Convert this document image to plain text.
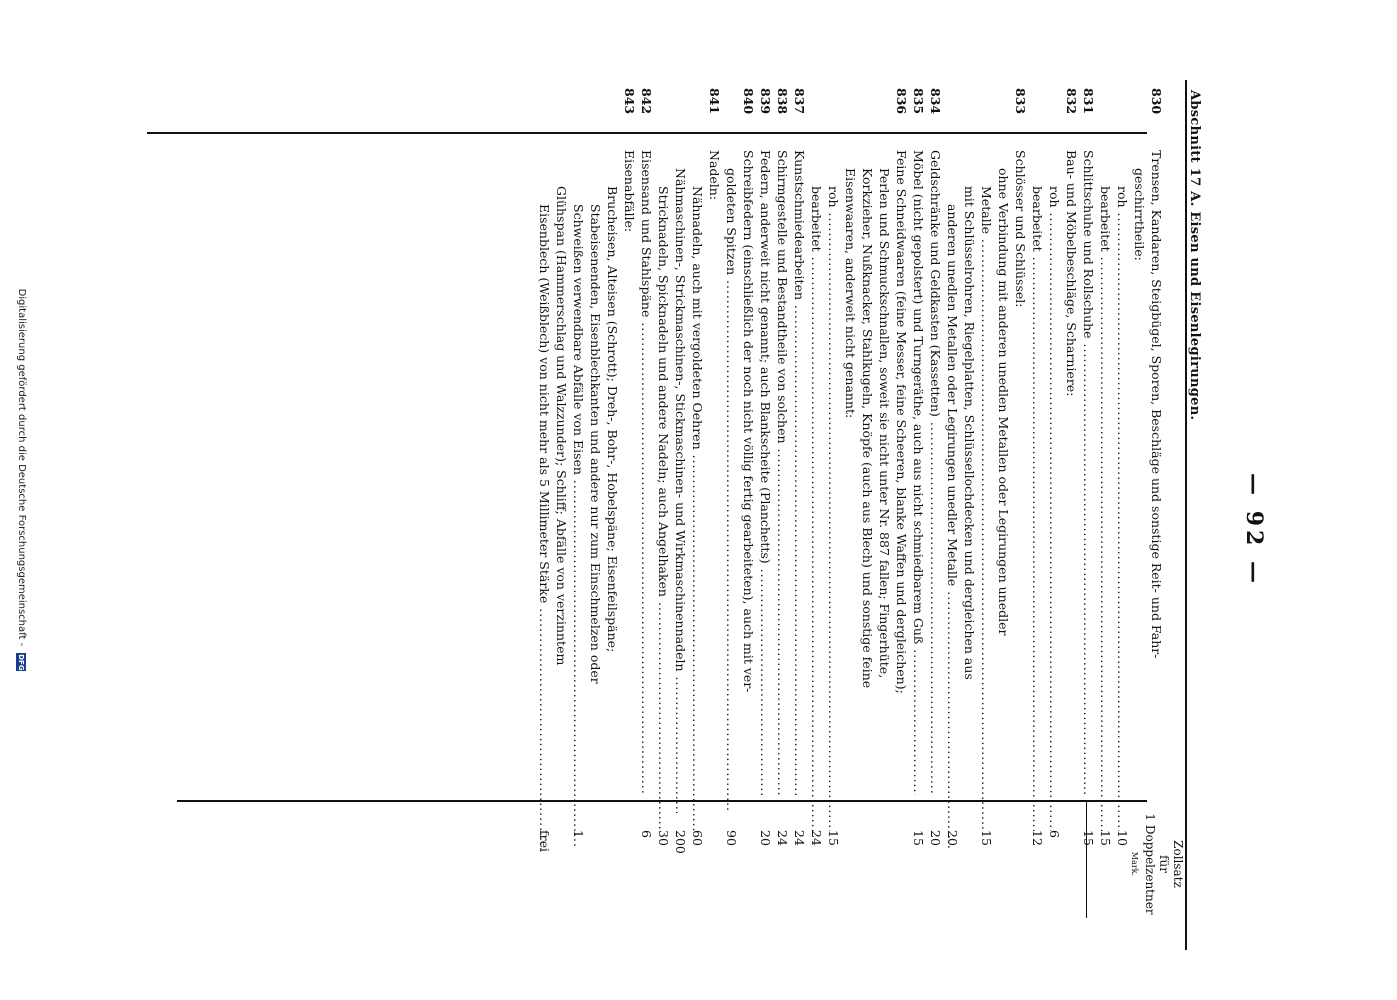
— 92 —
Abschnitt 17 A. Eisen und Eisenlegirungen.
Zollsatz
für
1 Doppelzentner
Mark.
830
Trensen, Kandaren, Steigbügel, Sporen, Beschläge und sonstige Reit- und Fahr-
geschirrtheile:
roh .....
10
bearbeitet .....
15
831
Schlittschuhe und Rollschuhe .....
15
832
Bau- und Möbelbeschläge, Scharniere:
roh .....
6
bearbeitet .....
12
833
Schlösser und Schlüssel:
ohne Verbindung mit anderen unedlen Metallen oder Legirungen unedler
Metalle .....
15
mit Schlüsselrohren, Riegelplatten, Schlüssellochdecken und dergleichen aus
anderen unedlen Metallen oder Legirungen unedler Metalle .....
20
834
Geldschränke und Geldkasten (Kassetten) .....
20
835
Möbel (nicht gepolstert) und Turngeräthe, auch aus nicht schmiedbarem Guß .....
15
836
Feine Schneidwaaren (feine Messer, feine Scheeren, blanke Waffen und dergleichen);
Perlen und Schmuckschnallen, soweit sie nicht unter Nr. 887 fallen; Fingerhüte,
Korkzieher, Nußknacker, Stahlkugeln, Knöpfe (auch aus Blech) und sonstige feine
Eisenwaaren, anderweit nicht genannt:
roh .....
15
bearbeitet .....
24
837
Kunstschmiedearbeiten .....
24
838
Schirmgestelle und Bestandtheile von solchen .....
24
839
Federn, anderweit nicht genannt; auch Blankscheite (Planchetts) .....
20
840
Schreibfedern (einschließlich der noch nicht völlig fertig gearbeiteten), auch mit ver-
goldeten Spitzen .....
90
841
Nadeln:
Nähnadeln, auch mit vergoldeten Oehren .....
60
Nähmaschinen-, Strickmaschinen-, Stickmaschinen- und Wirkmaschinennadeln .....
200
Stricknadeln, Spicknadeln und andere Nadeln; auch Angelhaken .....
30
842
Eisensand und Stahlspäne .....
6
843
Eisenabfälle:
Brucheisen, Alteisen (Schrott); Dreh-, Bohr-, Hobelspäne; Eisenfeilspäne;
Stabeisenenden, Eisenblechkanten und andere nur zum Einschmelzen oder
Schweißen verwendbare Abfälle von Eisen .....
1
Glühspan (Hammerschlag und Walzzunder); Schliff; Abfälle von verzinntem
Eisenblech (Weißblech) von nicht mehr als 5 Millimeter Stärke .....
frei
Digitalisierung gefördert durch die Deutsche Forschungsgemeinschaft - DFG
